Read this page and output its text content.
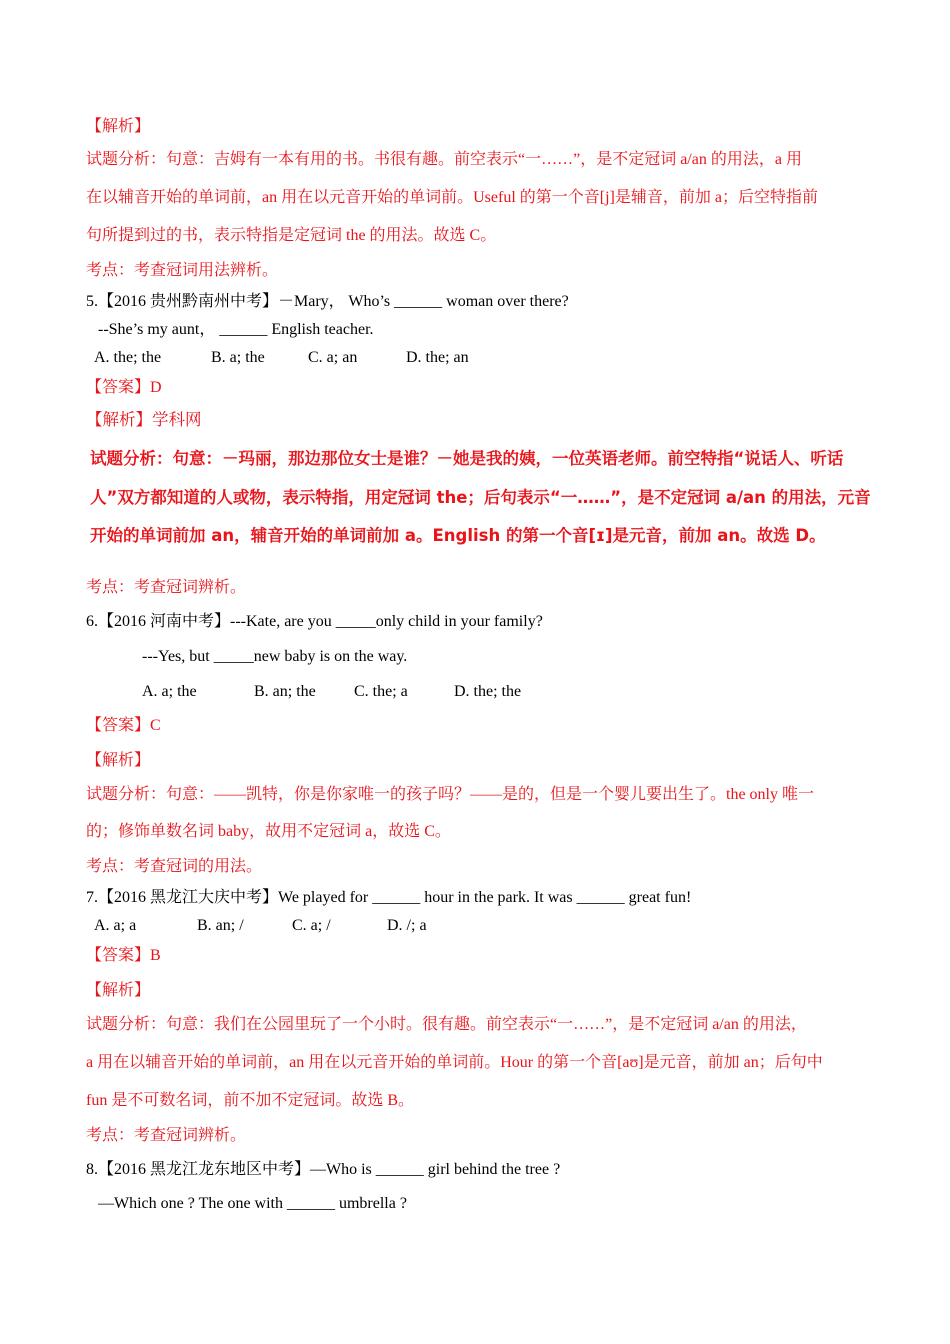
【解析】
试题分析：句意：吉姆有一本有用的书。书很有趣。前空表示“一……”，是不定冠词 a/an 的用法，a 用
在以辅音开始的单词前，an 用在以元音开始的单词前。Useful 的第一个音[j]是辅音，前加 a；后空特指前
句所提到过的书，表示特指是定冠词 the 的用法。故选 C。
考点：考查冠词用法辨析。
5.【2016 贵州黔南州中考】－Mary， Who’s ______ woman over there?
--She’s my aunt， ______ English teacher.
A. the; the	B. a; the	C. a; an	D. the; an
【答案】D
【解析】学科网
试题分析：句意：－玛丽，那边那位女士是谁？－她是我的姨，一位英语老师。前空特指“说话人、听话
人”双方都知道的人或物，表示特指，用定冠词 the；后句表示“一……”，是不定冠词 a/an 的用法，元音
开始的单词前加 an，辅音开始的单词前加 a。English 的第一个音[ɪ]是元音，前加 an。故选 D。
考点：考查冠词辨析。
6.【2016 河南中考】---Kate, are you _____only child in your family?
---Yes, but _____new baby is on the way.
A. a; the	B. an; the C. the; a	D. the; the
【答案】C
【解析】
试题分析：句意：——凯特，你是你家唯一的孩子吗？——是的，但是一个婴儿要出生了。the only 唯一
的；修饰单数名词 baby，故用不定冠词 a，故选 C。
考点：考查冠词的用法。
7.【2016 黑龙江大庆中考】We played for ______ hour in the park. It was ______ great fun!
A. a; a	B. an; /	C. a; /	D. /; a
【答案】B
【解析】
试题分析：句意：我们在公园里玩了一个小时。很有趣。前空表示“一……”，是不定冠词 a/an 的用法，
a 用在以辅音开始的单词前，an 用在以元音开始的单词前。Hour 的第一个音[aʊ]是元音，前加 an；后句中
fun 是不可数名词，前不加不定冠词。故选 B。
考点：考查冠词辨析。
8.【2016 黑龙江龙东地区中考】—Who is ______ girl behind the tree ?
—Which one ? The one with ______ umbrella ?
